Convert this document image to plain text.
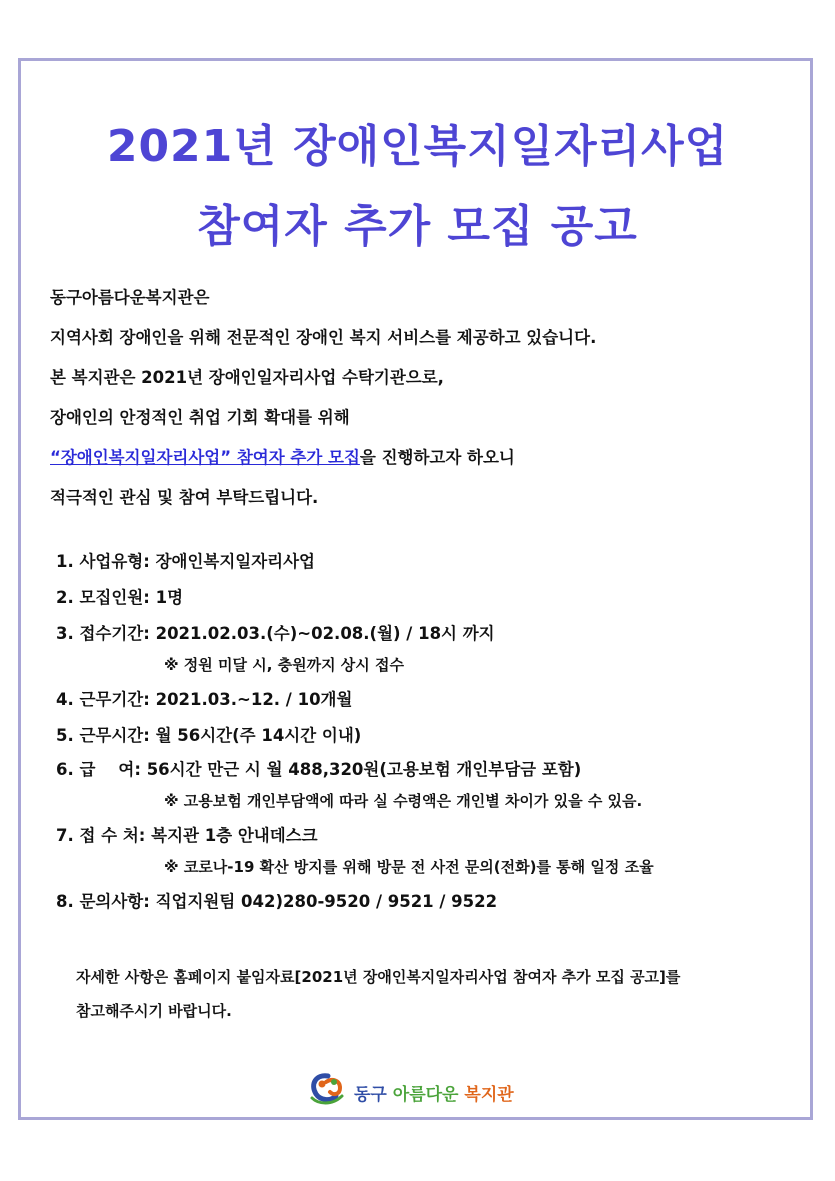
2021년 장애인복지일자리사업
참여자 추가 모집 공고
동구아름다운복지관은
지역사회 장애인을 위해 전문적인 장애인 복지 서비스를 제공하고 있습니다.
본 복지관은 2021년 장애인일자리사업 수탁기관으로,
장애인의 안정적인 취업 기회 확대를 위해
“장애인복지일자리사업” 참여자 추가 모집을 진행하고자 하오니
적극적인 관심 및 참여 부탁드립니다.
1. 사업유형: 장애인복지일자리사업
2. 모집인원: 1명
3. 접수기간: 2021.02.03.(수)~02.08.(월) / 18시 까지
※ 정원 미달 시, 충원까지 상시 접수
4. 근무기간: 2021.03.~12. / 10개월
5. 근무시간: 월 56시간(주 14시간 이내)
6. 급    여: 56시간 만근 시 월 488,320원(고용보험 개인부담금 포함)
※ 고용보험 개인부담액에 따라 실 수령액은 개인별 차이가 있을 수 있음.
7. 접 수 처: 복지관 1층 안내데스크
※ 코로나-19 확산 방지를 위해 방문 전 사전 문의(전화)를 통해 일정 조율
8. 문의사항: 직업지원팀 042)280-9520 / 9521 / 9522
자세한 사항은 홈페이지 붙임자료[2021년 장애인복지일자리사업 참여자 추가 모집 공고]를
참고해주시기 바랍니다.
동구 아름다운 복지관
